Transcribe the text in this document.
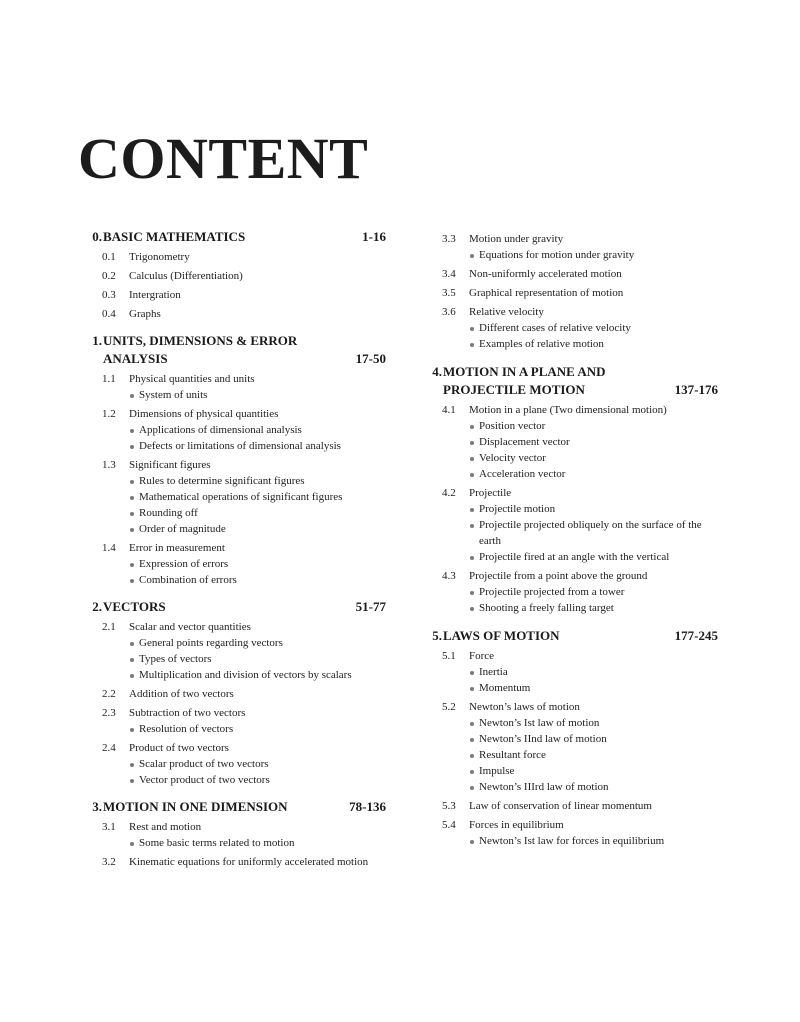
CONTENT
0. BASIC MATHEMATICS	1-16
0.1 Trigonometry
0.2 Calculus (Differentiation)
0.3 Intergration
0.4 Graphs
1. UNITS, DIMENSIONS & ERROR ANALYSIS	17-50
1.1 Physical quantities and units
System of units
1.2 Dimensions of physical quantities
Applications of dimensional analysis
Defects or limitations of dimensional analysis
1.3 Significant figures
Rules to determine significant figures
Mathematical operations of significant figures
Rounding off
Order of magnitude
1.4 Error in measurement
Expression of errors
Combination of errors
2. VECTORS	51-77
2.1 Scalar and vector quantities
General points regarding vectors
Types of vectors
Multiplication and division of vectors by scalars
2.2 Addition of two vectors
2.3 Subtraction of two vectors
Resolution of vectors
2.4 Product of two vectors
Scalar product of two vectors
Vector product of two vectors
3. MOTION IN ONE DIMENSION	78-136
3.1 Rest and motion
Some basic terms related to motion
3.2 Kinematic equations for uniformly accelerated motion
3.3 Motion under gravity
Equations for motion under gravity
3.4 Non-uniformly accelerated motion
3.5 Graphical representation of motion
3.6 Relative velocity
Different cases of relative velocity
Examples of relative motion
4. MOTION IN A PLANE AND PROJECTILE MOTION	137-176
4.1 Motion in a plane (Two dimensional motion)
Position vector
Displacement vector
Velocity vector
Acceleration vector
4.2 Projectile
Projectile motion
Projectile projected obliquely on the surface of the earth
Projectile fired at an angle with the vertical
4.3 Projectile from a point above the ground
Projectile projected from a tower
Shooting a freely falling target
5. LAWS OF MOTION	177-245
5.1 Force
Inertia
Momentum
5.2 Newton’s laws of motion
Newton’s Ist law of motion
Newton’s IInd law of motion
Resultant force
Impulse
Newton’s IIIrd law of motion
5.3 Law of conservation of linear momentum
5.4 Forces in equilibrium
Newton’s Ist law for forces in equilibrium
